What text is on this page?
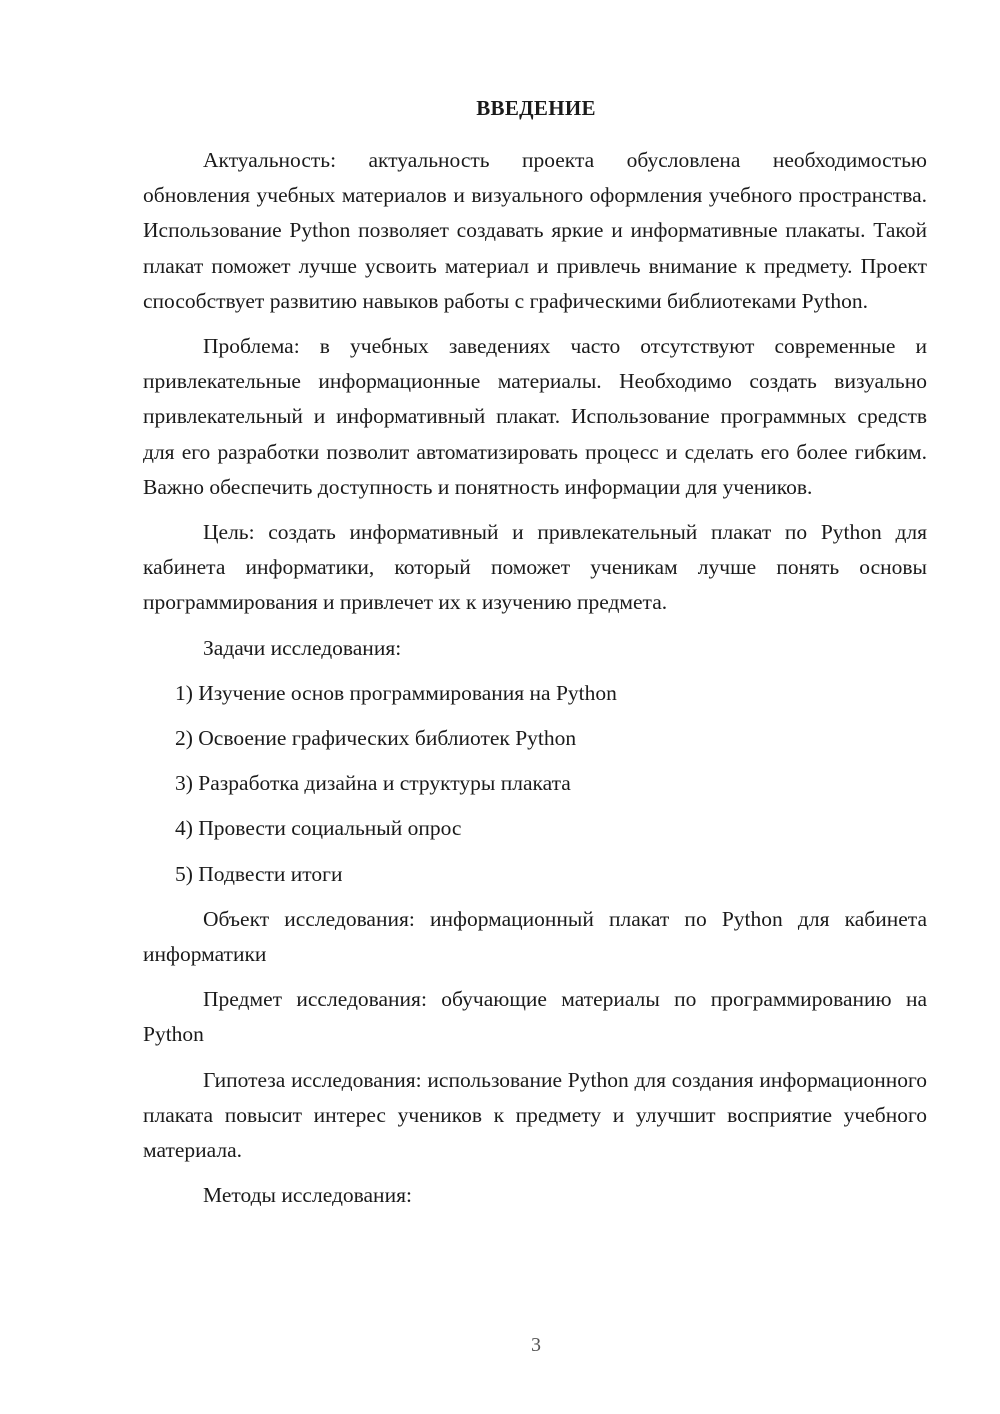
ВВЕДЕНИЕ

Актуальность: актуальность проекта обусловлена необходимостью обновления учебных материалов и визуального оформления учебного пространства. Использование Python позволяет создавать яркие и информативные плакаты. Такой плакат поможет лучше усвоить материал и привлечь внимание к предмету. Проект способствует развитию навыков работы с графическими библиотеками Python.

Проблема: в учебных заведениях часто отсутствуют современные и привлекательные информационные материалы. Необходимо создать визуально привлекательный и информативный плакат. Использование программных средств для его разработки позволит автоматизировать процесс и сделать его более гибким. Важно обеспечить доступность и понятность информации для учеников.

Цель: создать информативный и привлекательный плакат по Python для кабинета информатики, который поможет ученикам лучше понять основы программирования и привлечет их к изучению предмета.

Задачи исследования:

1) Изучение основ программирования на Python
2) Освоение графических библиотек Python
3) Разработка дизайна и структуры плаката
4) Провести социальный опрос
5) Подвести итоги

Объект исследования: информационный плакат по Python для кабинета информатики

Предмет исследования: обучающие материалы по программированию на Python

Гипотеза исследования: использование Python для создания информационного плаката повысит интерес учеников к предмету и улучшит восприятие учебного материала.

Методы исследования:

3
